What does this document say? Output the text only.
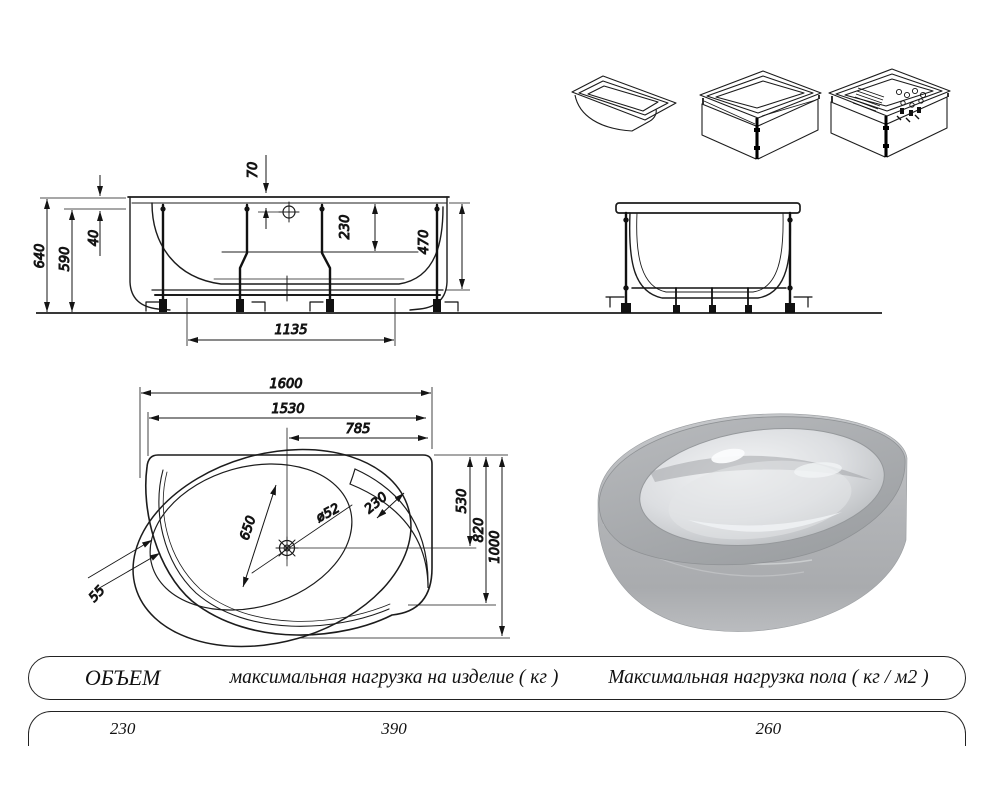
70
640 590
40	230
470
1135
1600
1530
785
530
820
1000
650
230
ø52
55
ОБЪЕМ	максимальная нагрузка на изделие ( кг )	Максимальная нагрузка пола ( кг / м2 )
230	390	260
